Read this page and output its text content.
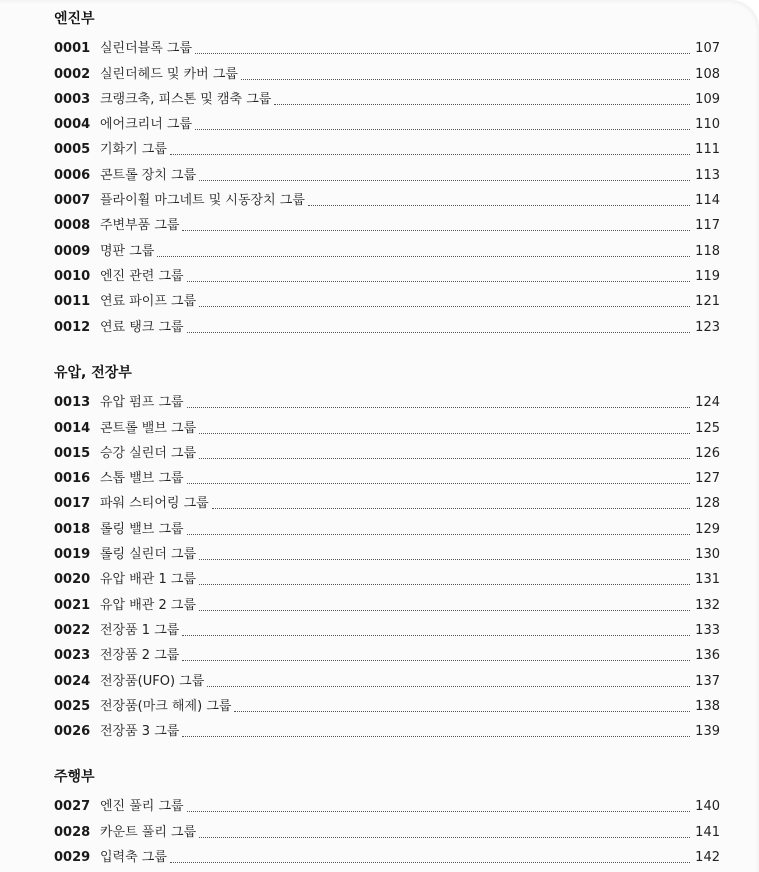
엔진부
0001 실린더블록 그룹	107
0002 실린더헤드 및 카버 그룹	108
0003 크랭크축, 피스톤 및 캠축 그룹	109
0004 에어크리너 그룹	110
0005 기화기 그룹	111
0006 콘트롤 장치 그룹	113
0007 플라이휠 마그네트 및 시동장치 그룹	114
0008 주변부품 그룹	117
0009 명판 그룹	118
0010 엔진 관련 그룹	119
0011 연료 파이프 그룹	121
0012 연료 탱크 그룹	123
유압, 전장부
0013 유압 펌프 그룹	124
0014 콘트롤 밸브 그룹	125
0015 승강 실린더 그룹	126
0016 스톱 밸브 그룹	127
0017 파워 스티어링 그룹	128
0018 롤링 밸브 그룹	129
0019 롤링 실린더 그룹	130
0020 유압 배관 1 그룹	131
0021 유압 배관 2 그룹	132
0022 전장품 1 그룹	133
0023 전장품 2 그룹	136
0024 전장품(UFO) 그룹	137
0025 전장품(마크 해제) 그룹	138
0026 전장품 3 그룹	139
주행부
0027 엔진 풀리 그룹	140
0028 카운트 풀리 그룹	141
0029 입력축 그룹	142
